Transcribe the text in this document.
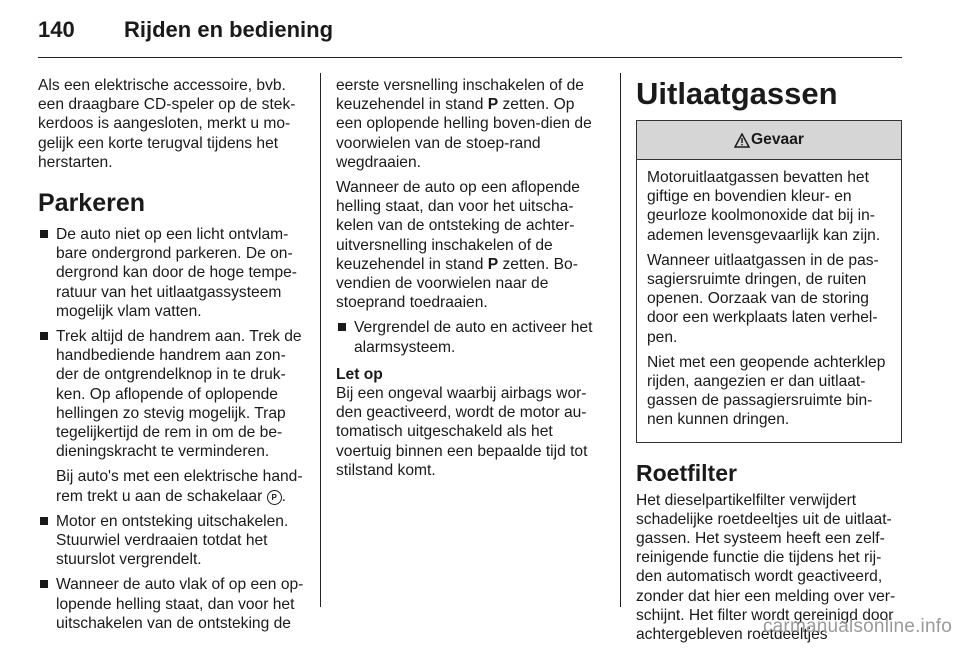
140 Rijden en bediening

Als een elektrische accessoire, bvb. een draagbare CD-speler op de stek-kerdoos is aangesloten, merkt u mo-gelijk een korte terugval tijdens het herstarten.

Parkeren
De auto niet op een licht ontvlam-bare ondergrond parkeren. De on-dergrond kan door de hoge tempe-ratuur van het uitlaatgassysteem mogelijk vlam vatten.
Trek altijd de handrem aan. Trek de handbediende handrem aan zon-der de ontgrendelknop in te druk-ken. Op aflopende of oplopende hellingen zo stevig mogelijk. Trap tegelijkertijd de rem in om de be-dieningskracht te verminderen.

Bij auto's met een elektrische hand-rem trekt u aan de schakelaar P .

Motor en ontsteking uitschakelen. Stuurwiel verdraaien totdat het stuurslot vergrendelt.
Wanneer de auto vlak of op een op-lopende helling staat, dan voor het uitschakelen van de ontsteking de

eerste versnelling inschakelen of de keuzehendel in stand P zetten. Op een oplopende helling boven-dien de voorwielen van de stoep-rand wegdraaien.

Wanneer de auto op een aflopende helling staat, dan voor het uitscha-kelen van de ontsteking de achter-uitversnelling inschakelen of de keuzehendel in stand P zetten. Bo-vendien de voorwielen naar de stoeprand toedraaien.

Vergrendel de auto en activeer het alarmsysteem.

Let op

Bij een ongeval waarbij airbags wor-den geactiveerd, wordt de motor au-tomatisch uitgeschakeld als het voertuig binnen een bepaalde tijd tot stilstand komt.

Uitlaatgassen
Gevaar

Motoruitlaatgassen bevatten het giftige en bovendien kleur- en geurloze koolmonoxide dat bij in-ademen levensgevaarlijk kan zijn.

Wanneer uitlaatgassen in de pas-sagiersruimte dringen, de ruiten openen. Oorzaak van de storing door een werkplaats laten verhel-pen.

Niet met een geopende achterklep rijden, aangezien er dan uitlaat-gassen de passagiersruimte bin-nen kunnen dringen.

Roetfilter

Het dieselpartikelfilter verwijdert schadelijke roetdeeltjes uit de uitlaat-gassen. Het systeem heeft een zelf-reinigende functie die tijdens het rij-den automatisch wordt geactiveerd, zonder dat hier een melding over ver-schijnt. Het filter wordt gereinigd door achtergebleven roetdeeltjes

carmanualsonline.info
